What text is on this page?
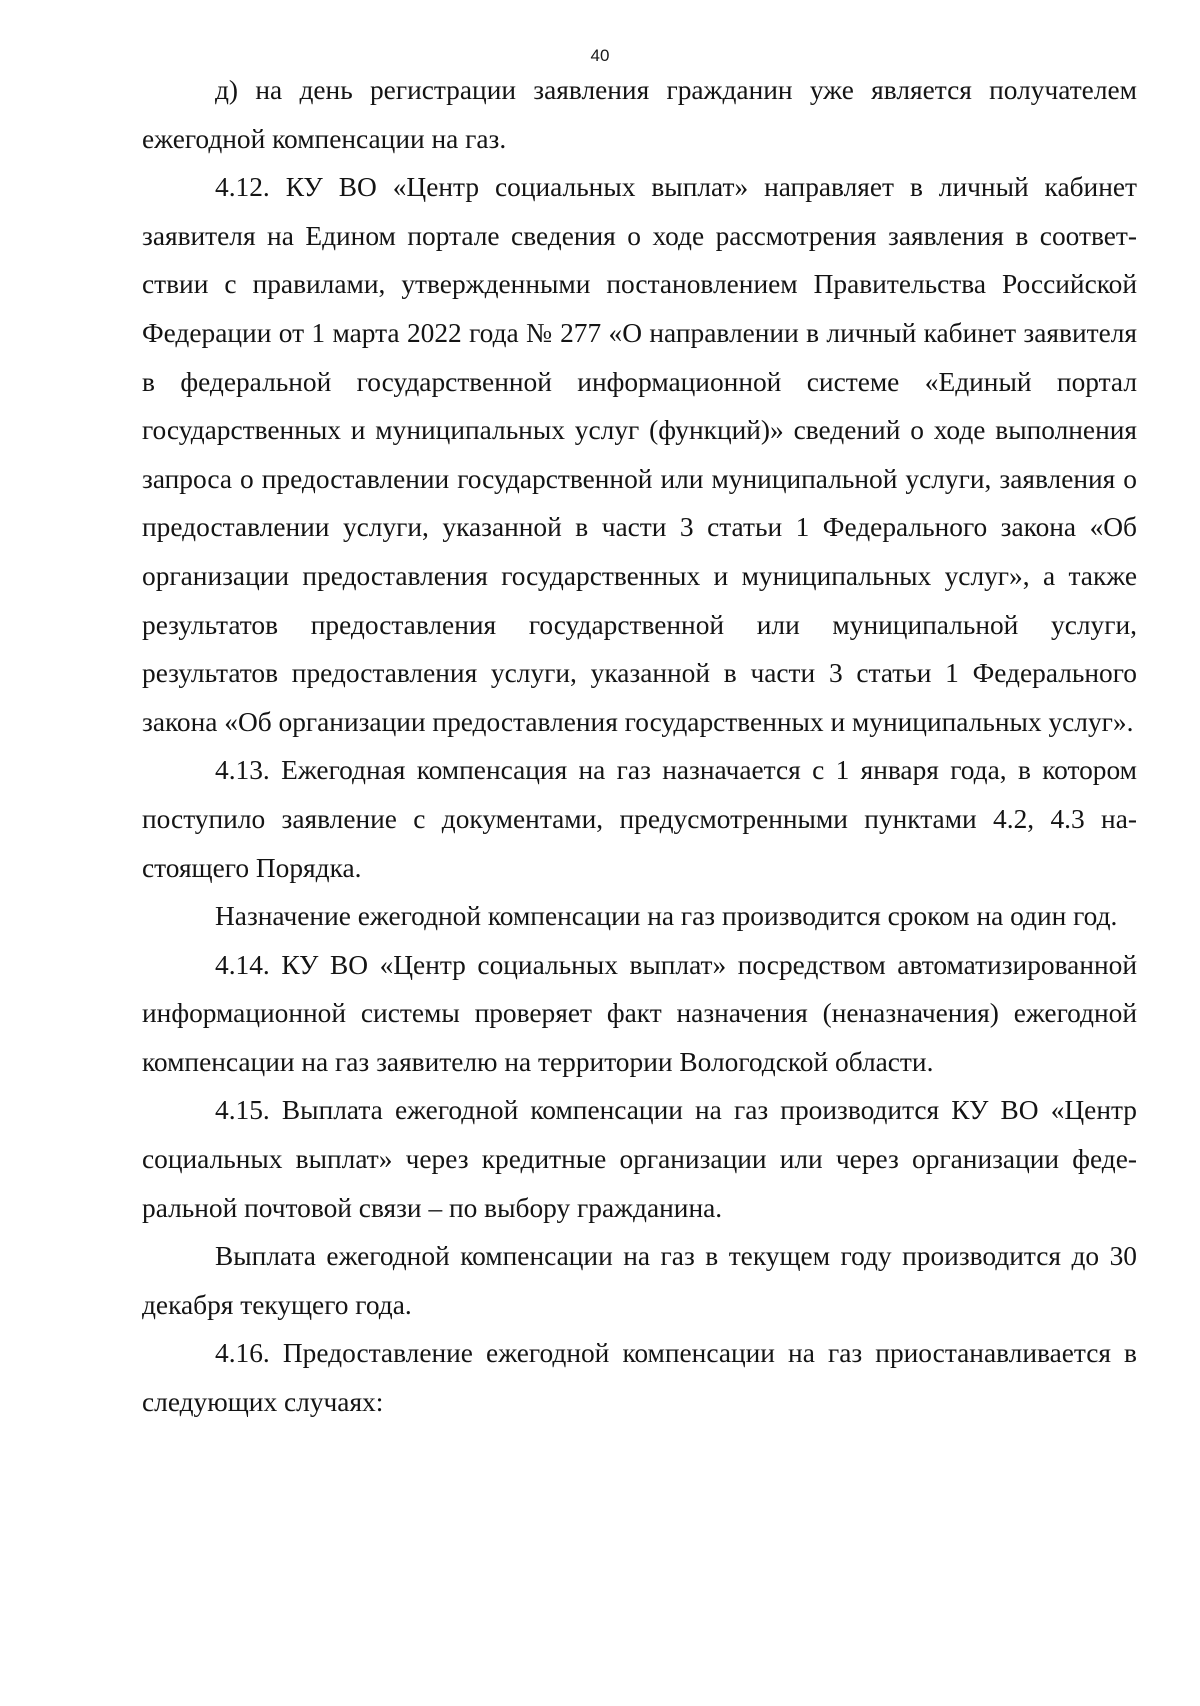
40

д) на день регистрации заявления гражданин уже является получателем ежегодной компенсации на газ.

4.12. КУ ВО «Центр социальных выплат» направляет в личный кабинет заявителя на Едином портале сведения о ходе рассмотрения заявления в соответствии с правилами, утвержденными постановлением Правительства Российской Федерации от 1 марта 2022 года № 277 «О направлении в личный кабинет заявителя в федеральной государственной информационной системе «Единый портал государственных и муниципальных услуг (функций)» сведений о ходе выполнения запроса о предоставлении государственной или муниципальной услуги, заявления о предоставлении услуги, указанной в части 3 статьи 1 Федерального закона «Об организации предоставления государственных и муниципальных услуг», а также результатов предоставления государственной или муниципальной услуги, результатов предоставления услуги, указанной в части 3 статьи 1 Федерального закона «Об организации предоставления государственных и муниципальных услуг».

4.13. Ежегодная компенсация на газ назначается с 1 января года, в котором поступило заявление с документами, предусмотренными пунктами 4.2, 4.3 настоящего Порядка.

Назначение ежегодной компенсации на газ производится сроком на один год.

4.14. КУ ВО «Центр социальных выплат» посредством автоматизированной информационной системы проверяет факт назначения (неназначения) ежегодной компенсации на газ заявителю на территории Вологодской области.

4.15. Выплата ежегодной компенсации на газ производится КУ ВО «Центр социальных выплат» через кредитные организации или через организации федеральной почтовой связи – по выбору гражданина.

Выплата ежегодной компенсации на газ в текущем году производится до 30 декабря текущего года.

4.16. Предоставление ежегодной компенсации на газ приостанавливается в следующих случаях:
